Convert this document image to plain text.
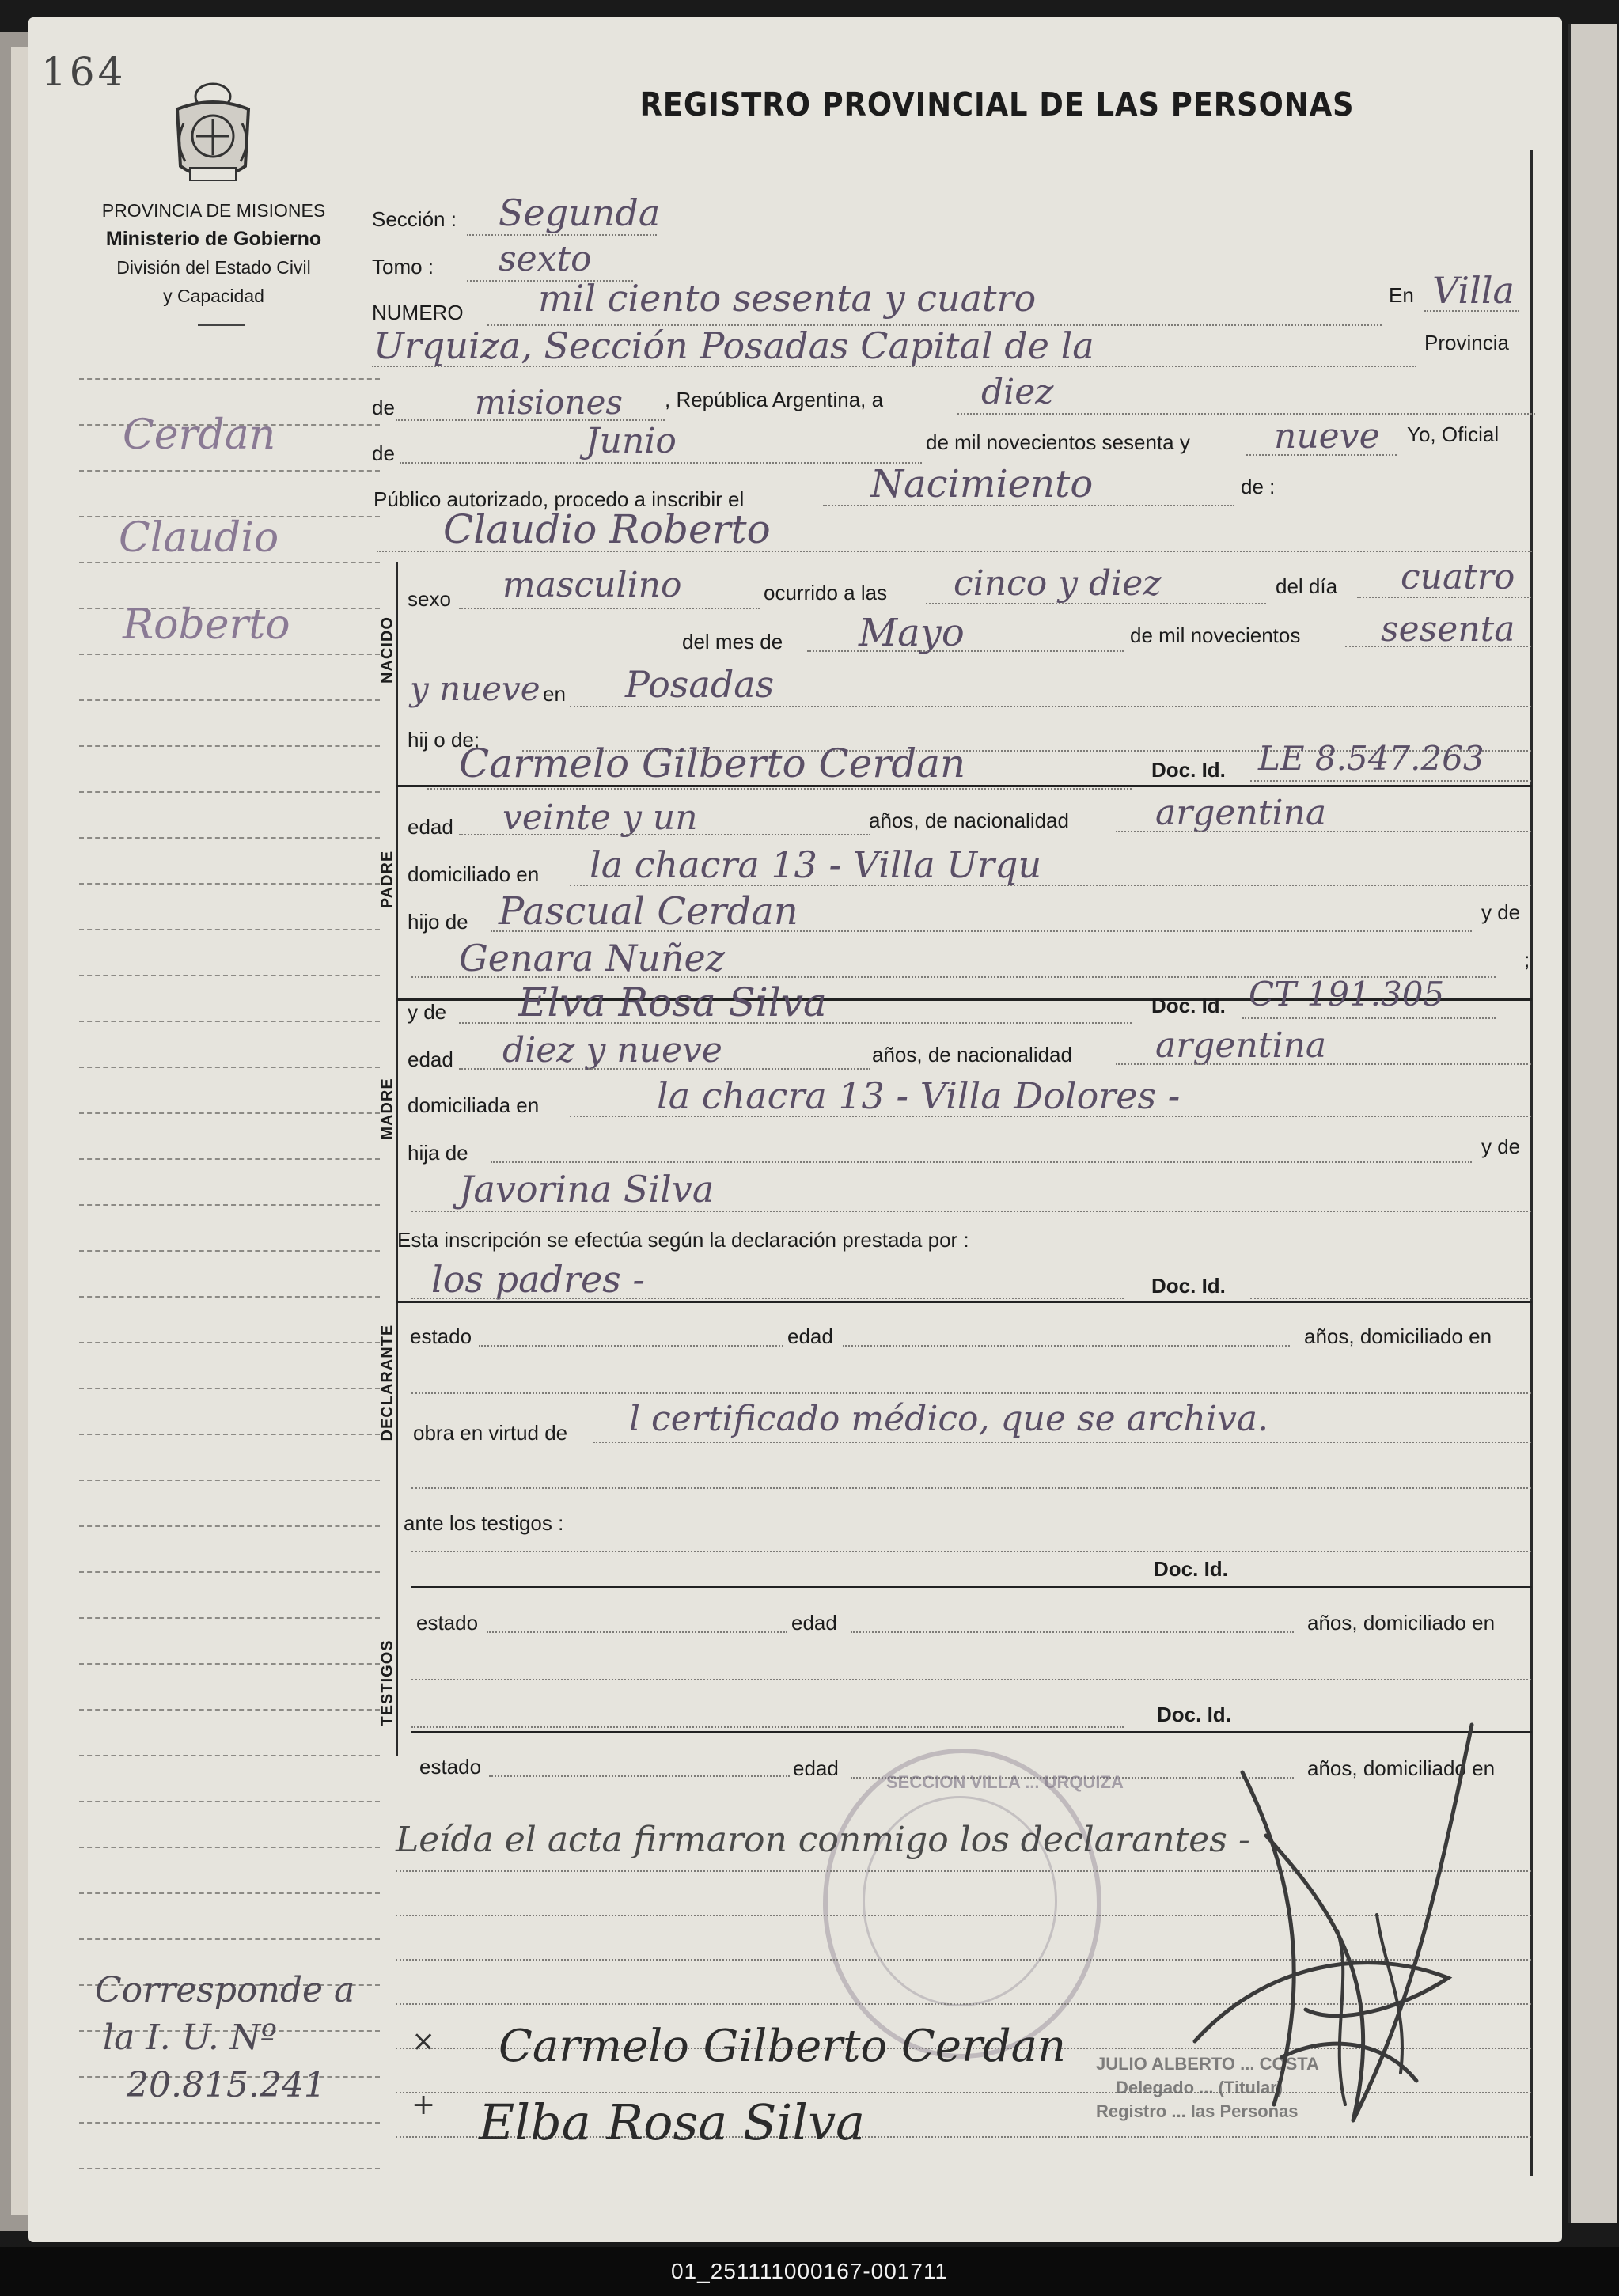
164
REGISTRO PROVINCIAL DE LAS PERSONAS
PROVINCIA DE MISIONES
Ministerio de Gobierno
División del Estado Civil
y Capacidad
Cerdan
Claudio
Roberto
Corresponde a
la I. U. Nº
20.815.241
Sección : Segunda
Tomo : sexto
NUMERO mil ciento sesenta y cuatro	En Villa
Urquiza, Sección Posadas Capital de la	Provincia
de misiones , República Argentina, a	diez
de	Junio	de mil novecientos sesenta y nueve Yo, Oficial
Público autorizado, procedo a inscribir el	Nacimiento	de :
Claudio Roberto
NACIDO
sexo masculino	ocurrido a las cinco y diez	del día cuatro
del mes de Mayo	de mil novecientos sesenta
y nueve en Posadas
hij o de;
Carmelo Gilberto Cerdan	Doc. Id. LE 8.547.263
PADRE
edad veinte y un	años, de nacionalidad argentina
domiciliado en la chacra 13 - Villa Urqu
hijo de Pascual Cerdan	y de
Genara Nuñez	;
y de Elva Rosa Silva	Doc. Id. CT 191.305
MADRE
edad diez y nueve	años, de nacionalidad argentina
domiciliada en	la chacra 13 - Villa Dolores -
hija de	y de
Javorina Silva
Esta inscripción se efectúa según la declaración prestada por :
los padres -	Doc. Id.
DECLARANTE estado	edad	años, domiciliado en
obra en virtud de l certificado médico, que se archiva.
ante los testigos :
Doc. Id.
TESTIGOS
estado	edad	años, domiciliado en
Doc. Id.
estado	edad	años, domiciliado en
SECCION VILLA ... URQUIZA
Leída el acta firmaron conmigo los declarantes -
× Carmelo Gilberto Cerdan
+ Elba Rosa Silva
JULIO ALBERTO ... COSTA
Delegado ... (Titular)
Registro ... las Personas
01_251111000167-001711
